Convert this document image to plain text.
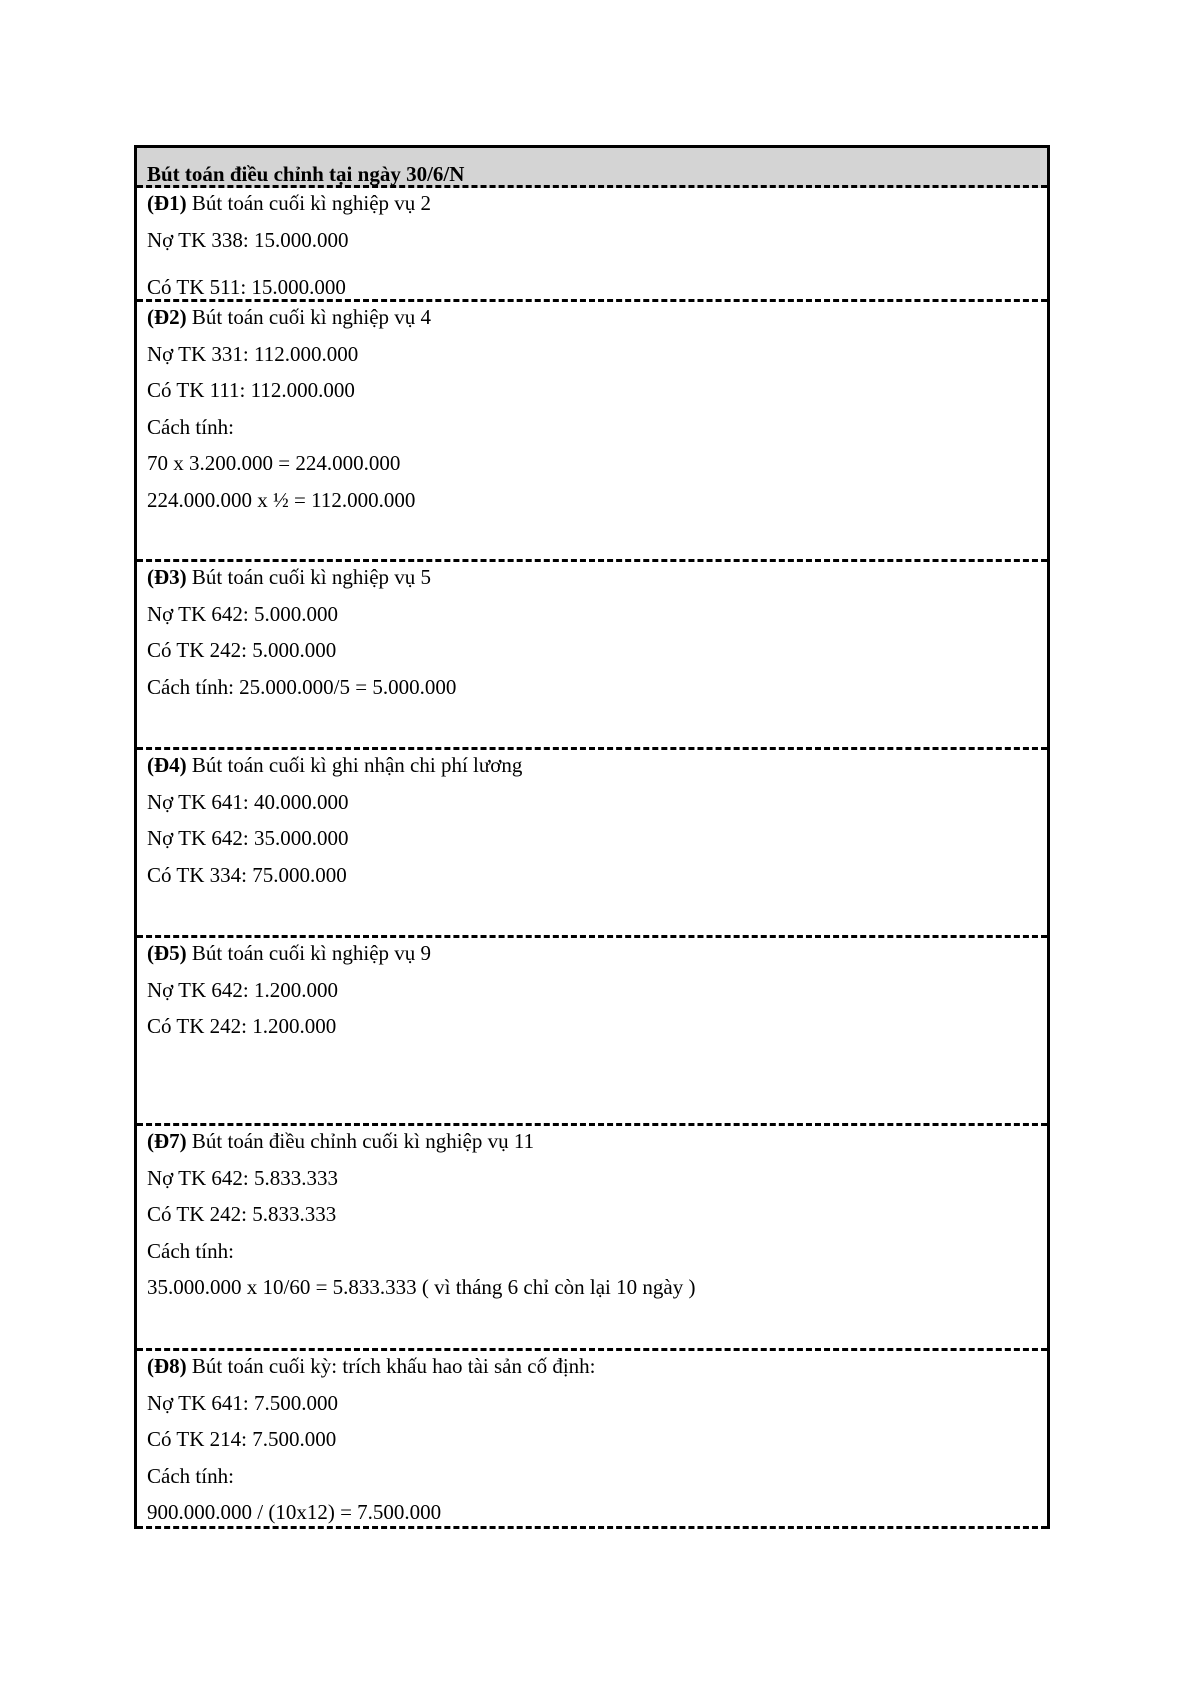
Bút toán điều chỉnh tại ngày 30/6/N
(Đ1) Bút toán cuối kì nghiệp vụ 2
Nợ TK 338: 15.000.000
Có TK 511: 15.000.000
(Đ2) Bút toán cuối kì nghiệp vụ 4
Nợ TK 331: 112.000.000
Có TK 111: 112.000.000
Cách tính:
70 x 3.200.000 = 224.000.000
224.000.000 x ½ = 112.000.000
(Đ3) Bút toán cuối kì nghiệp vụ 5
Nợ TK 642: 5.000.000
Có TK 242: 5.000.000
Cách tính: 25.000.000/5 = 5.000.000
(Đ4) Bút toán cuối kì ghi nhận chi phí lương
Nợ TK 641: 40.000.000
Nợ TK 642: 35.000.000
Có TK 334: 75.000.000
(Đ5) Bút toán cuối kì nghiệp vụ 9
Nợ TK 642: 1.200.000
Có TK 242: 1.200.000
(Đ7) Bút toán điều chỉnh cuối kì nghiệp vụ 11
Nợ TK 642: 5.833.333
Có TK 242: 5.833.333
Cách tính:
35.000.000 x 10/60 = 5.833.333 ( vì tháng 6 chỉ còn lại 10 ngày )
(Đ8) Bút toán cuối kỳ: trích khấu hao tài sản cố định:
Nợ TK 641: 7.500.000
Có TK 214: 7.500.000
Cách tính:
900.000.000 / (10x12) = 7.500.000
